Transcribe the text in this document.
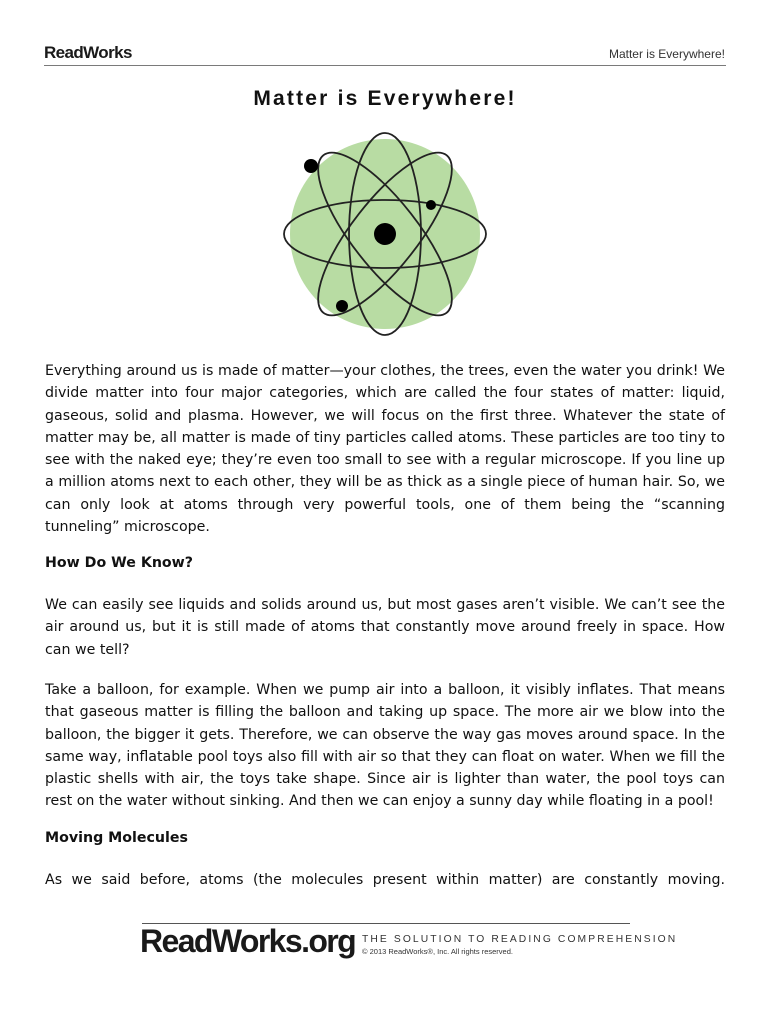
ReadWorks	Matter is Everywhere!
Matter is Everywhere!

Everything around us is made of matter—your clothes, the trees, even the water you drink! We divide matter into four major categories, which are called the four states of matter: liquid, gaseous, solid and plasma. However, we will focus on the first three. Whatever the state of matter may be, all matter is made of tiny particles called atoms. These particles are too tiny to see with the naked eye; they’re even too small to see with a regular microscope. If you line up a million atoms next to each other, they will be as thick as a single piece of human hair. So, we can only look at atoms through very powerful tools, one of them being the “scanning tunneling” microscope.

How Do We Know?

We can easily see liquids and solids around us, but most gases aren’t visible. We can’t see the air around us, but it is still made of atoms that constantly move around freely in space. How can we tell?

Take a balloon, for example. When we pump air into a balloon, it visibly inflates. That means that gaseous matter is filling the balloon and taking up space. The more air we blow into the balloon, the bigger it gets. Therefore, we can observe the way gas moves around space. In the same way, inflatable pool toys also fill with air so that they can float on water. When we fill the plastic shells with air, the toys take shape. Since air is lighter than water, the pool toys can rest on the water without sinking. And then we can enjoy a sunny day while floating in a pool!

Moving Molecules

As we said before, atoms (the molecules present within matter) are constantly moving.

ReadWorks.org THE SOLUTION TO READING COMPREHENSION
© 2013 ReadWorks®, Inc. All rights reserved.
